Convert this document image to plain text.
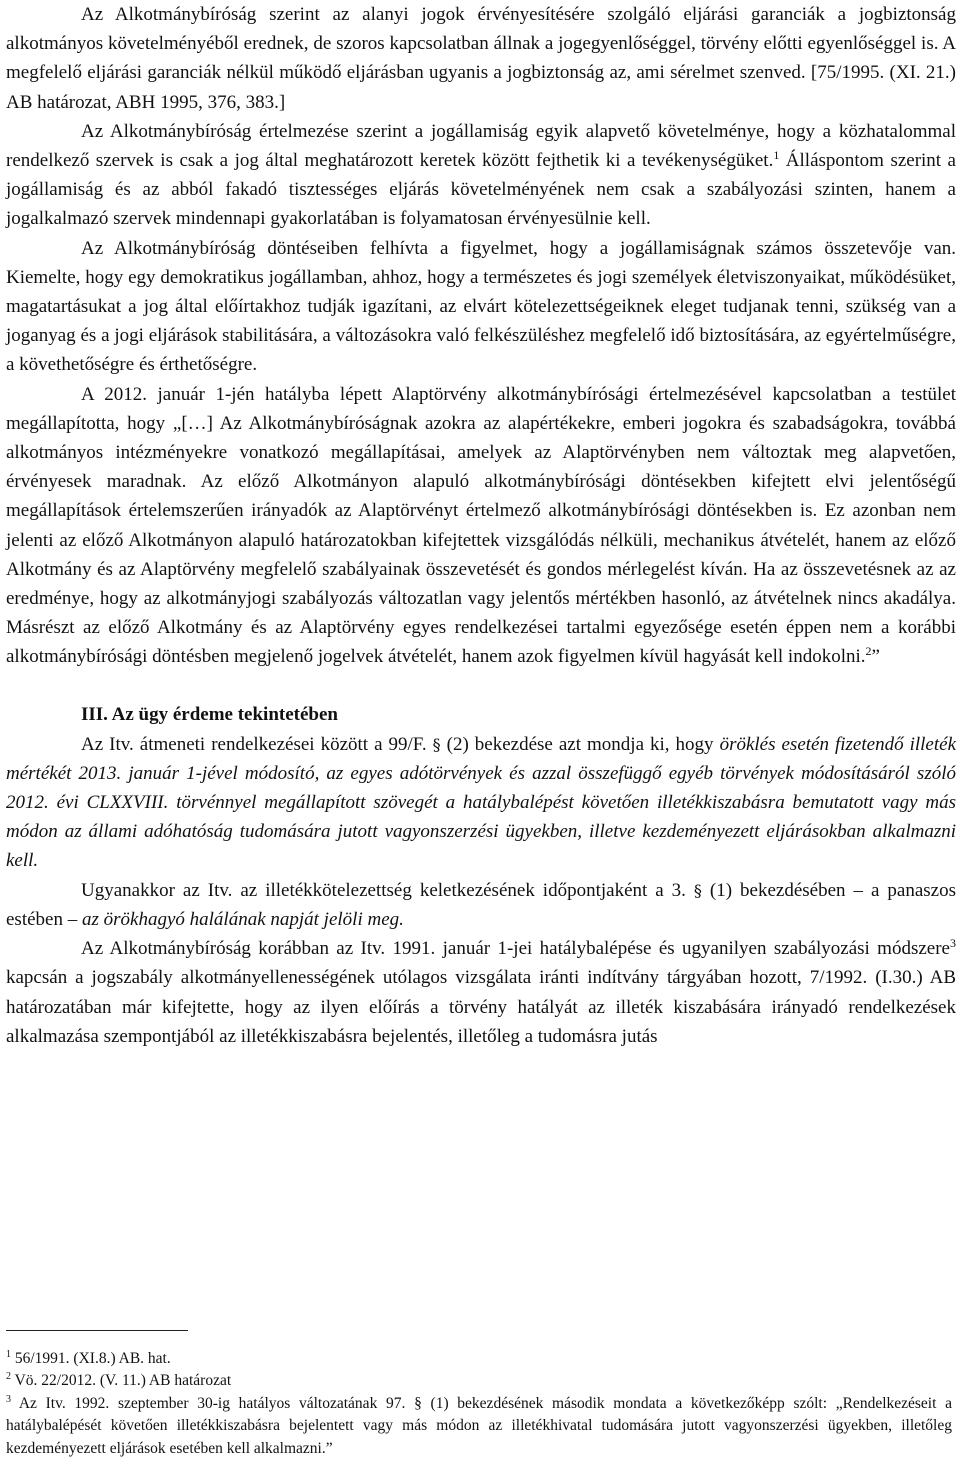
Az Alkotmánybíróság szerint az alanyi jogok érvényesítésére szolgáló eljárási garanciák a jogbiztonság alkotmányos követelményéből erednek, de szoros kapcsolatban állnak a jogegyenlőséggel, törvény előtti egyenlőséggel is. A megfelelő eljárási garanciák nélkül működő eljárásban ugyanis a jogbiztonság az, ami sérelmet szenved. [75/1995. (XI. 21.) AB határozat, ABH 1995, 376, 383.]

Az Alkotmánybíróság értelmezése szerint a jogállamiság egyik alapvető követelménye, hogy a közhatalommal rendelkező szervek is csak a jog által meghatározott keretek között fejthetik ki a tevékenységüket.$^1$ Álláspontom szerint a jogállamiság és az abból fakadó tisztességes eljárás követelményének nem csak a szabályozási szinten, hanem a jogalkalmazó szervek mindennapi gyakorlatában is folyamatosan érvényesülnie kell.

Az Alkotmánybíróság döntéseiben felhívta a figyelmet, hogy a jogállamiságnak számos összetevője van. Kiemelte, hogy egy demokratikus jogállamban, ahhoz, hogy a természetes és jogi személyek életviszonyaikat, működésüket, magatartásukat a jog által előírtakhoz tudják igazítani, az elvárt kötelezettségeiknek eleget tudjanak tenni, szükség van a joganyag és a jogi eljárások stabilitására, a változásokra való felkészüléshez megfelelő idő biztosítására, az egyértelműségre, a követhetőségre és érthetőségre.

A 2012. január 1-jén hatályba lépett Alaptörvény alkotmánybírósági értelmezésével kapcsolatban a testület megállapította, hogy „[…] Az Alkotmánybíróságnak azokra az alapértékekre, emberi jogokra és szabadságokra, továbbá alkotmányos intézményekre vonatkozó megállapításai, amelyek az Alaptörvényben nem változtak meg alapvetően, érvényesek maradnak. Az előző Alkotmányon alapuló alkotmánybírósági döntésekben kifejtett elvi jelentőségű megállapítások értelemszerűen irányadók az Alaptörvényt értelmező alkotmánybírósági döntésekben is. Ez azonban nem jelenti az előző Alkotmányon alapuló határozatokban kifejtettek vizsgálódás nélküli, mechanikus átvételét, hanem az előző Alkotmány és az Alaptörvény megfelelő szabályainak összevetését és gondos mérlegelést kíván. Ha az összevetésnek az az eredménye, hogy az alkotmányjogi szabályozás változatlan vagy jelentős mértékben hasonló, az átvételnek nincs akadálya. Másrészt az előző Alkotmány és az Alaptörvény egyes rendelkezései tartalmi egyezősége esetén éppen nem a korábbi alkotmánybírósági döntésben megjelenő jogelvek átvételét, hanem azok figyelmen kívül hagyását kell indokolni.$^2$”

III. Az ügy érdeme tekintetében

Az Itv. átmeneti rendelkezései között a 99/F. § (2) bekezdése azt mondja ki, hogy öröklés esetén fizetendő illeték mértékét 2013. január 1-jével módosító, az egyes adótörvények és azzal összefüggő egyéb törvények módosításáról szóló 2012. évi CLXXVIII. törvénnyel megállapított szövegét a hatálybalépést követően illetékkiszabásra bemutatott vagy más módon az állami adóhatóság tudomására jutott vagyonszerzési ügyekben, illetve kezdeményezett eljárásokban alkalmazni kell.

Ugyanakkor az Itv. az illetékkötelezettség keletkezésének időpontjaként a 3. § (1) bekezdésében – a panaszos estében – az örökhagyó halálának napját jelöli meg.

Az Alkotmánybíróság korábban az Itv. 1991. január 1-jei hatálybalépése és ugyanilyen szabályozási módszere$^3$ kapcsán a jogszabály alkotmányellenességének utólagos vizsgálata iránti indítvány tárgyában hozott, 7/1992. (I.30.) AB határozatában már kifejtette, hogy az ilyen előírás a törvény hatályát az illeték kiszabására irányadó rendelkezések alkalmazása szempontjából az illetékkiszabásra bejelentés, illetőleg a tudomásra jutás

$^1$ 56/1991. (XI.8.) AB. hat.

$^2$ Vö. 22/2012. (V. 11.) AB határozat

$^3$ Az Itv. 1992. szeptember 30-ig hatályos változatának 97. § (1) bekezdésének második mondata a következőképp szólt: „Rendelkezéseit a hatálybalépését követően illetékkiszabásra bejelentett vagy más módon az illetékhivatal tudomására jutott vagyonszerzési ügyekben, illetőleg kezdeményezett eljárások esetében kell alkalmazni.”
